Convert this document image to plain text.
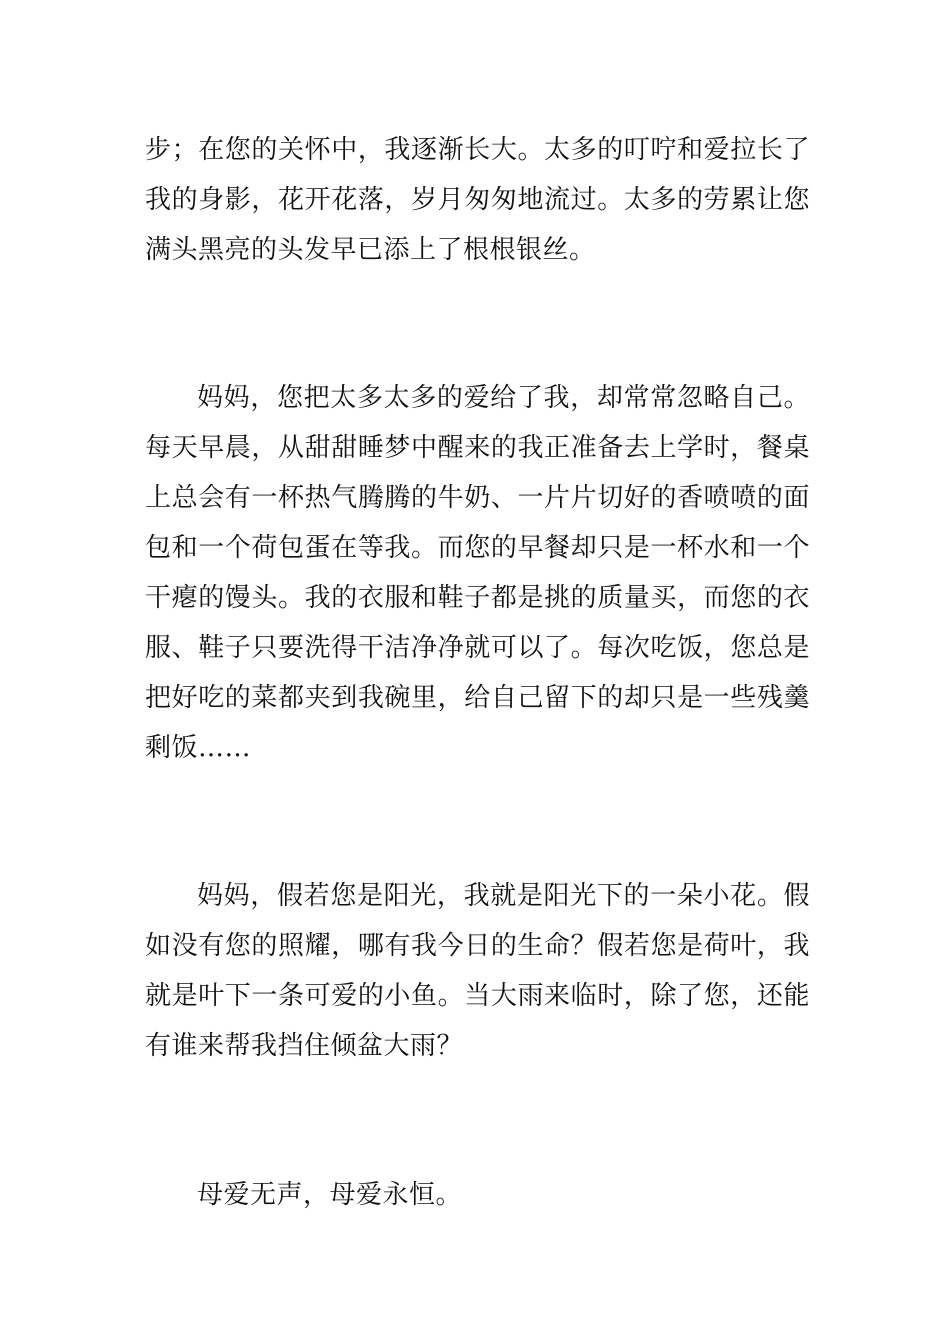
步；在您的关怀中，我逐渐长大。太多的叮咛和爱拉长了我的身影，花开花落，岁月匆匆地流过。太多的劳累让您满头黑亮的头发早已添上了根根银丝。

妈妈，您把太多太多的爱给了我，却常常忽略自己。每天早晨，从甜甜睡梦中醒来的我正准备去上学时，餐桌上总会有一杯热气腾腾的牛奶、一片片切好的香喷喷的面包和一个荷包蛋在等我。而您的早餐却只是一杯水和一个干瘪的馒头。我的衣服和鞋子都是挑的质量买，而您的衣服、鞋子只要洗得干洁净净就可以了。每次吃饭，您总是把好吃的菜都夹到我碗里，给自己留下的却只是一些残羹剩饭……

妈妈，假若您是阳光，我就是阳光下的一朵小花。假如没有您的照耀，哪有我今日的生命？假若您是荷叶，我就是叶下一条可爱的小鱼。当大雨来临时，除了您，还能有谁来帮我挡住倾盆大雨？

母爱无声，母爱永恒。
